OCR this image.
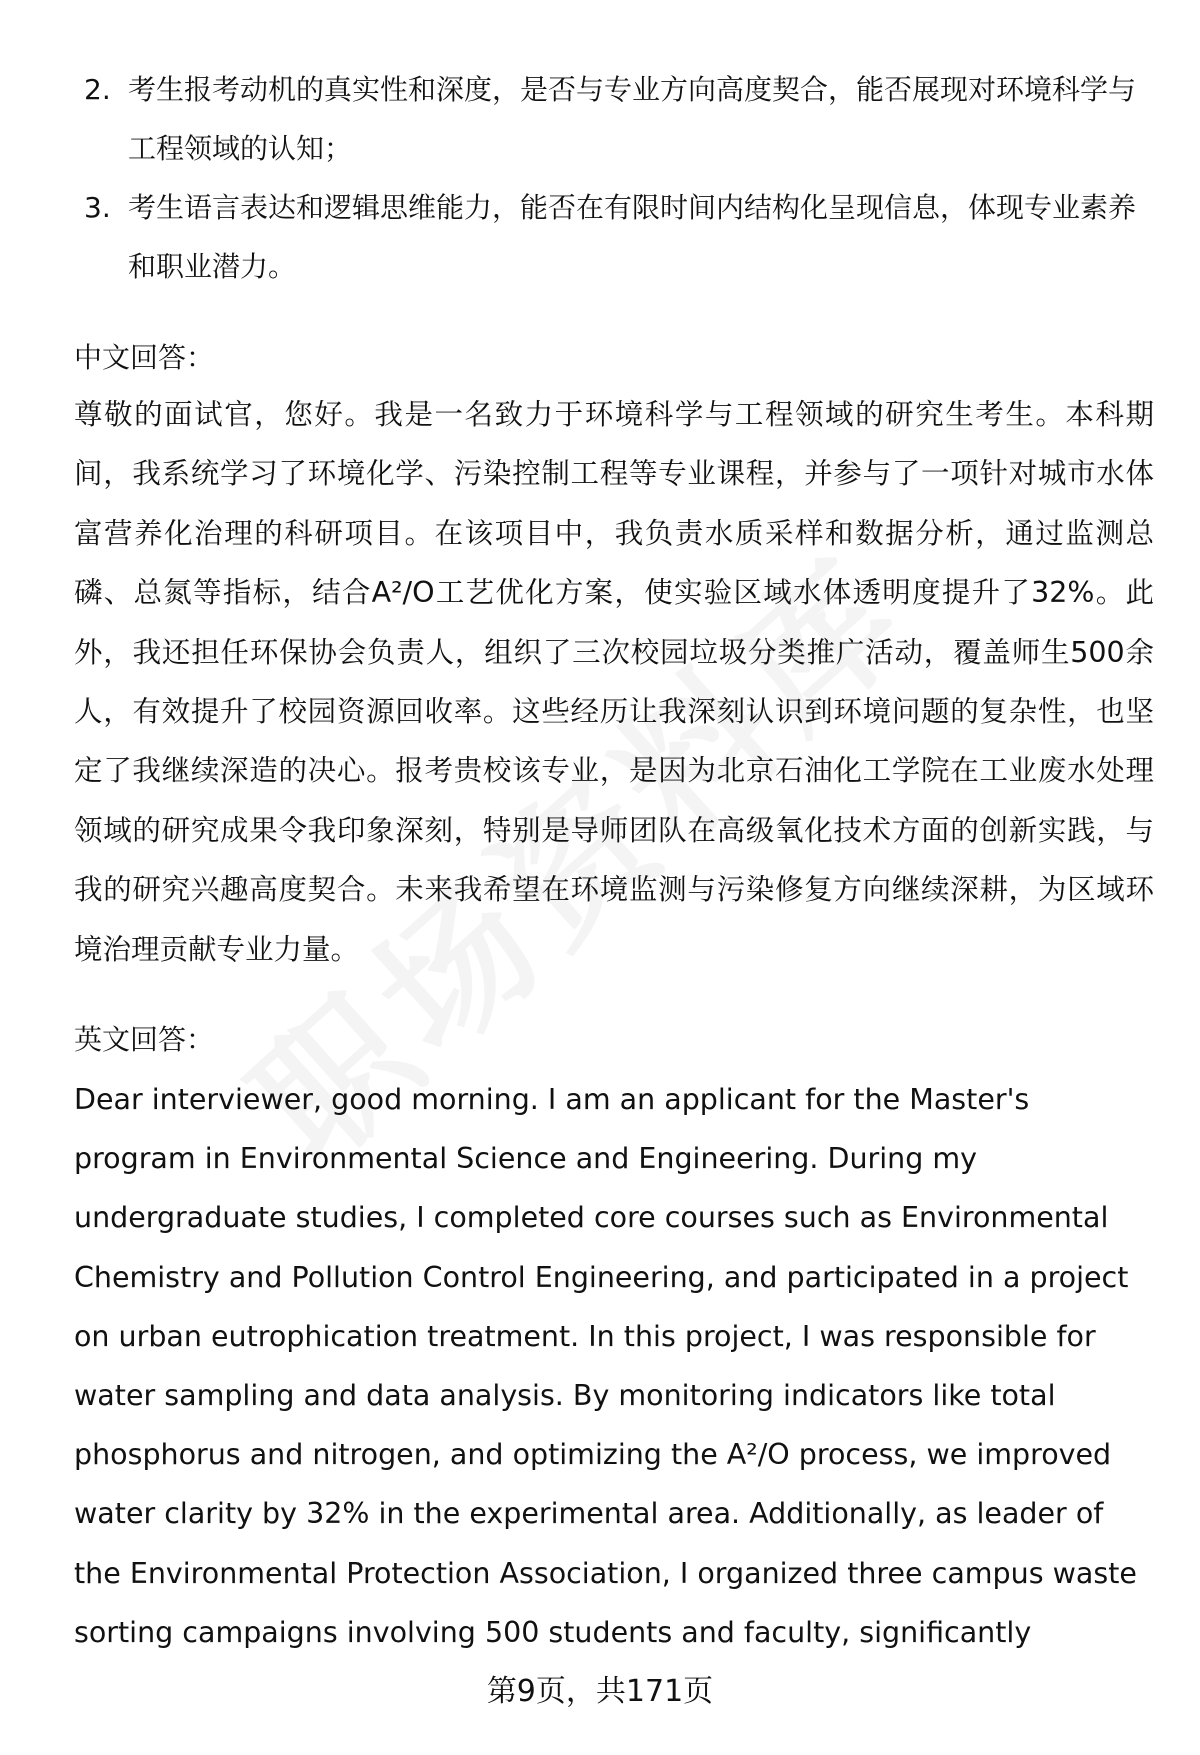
2. 考生报考动机的真实性和深度，是否与专业方向高度契合，能否展现对环境科学与工程领域的认知；
3. 考生语言表达和逻辑思维能力，能否在有限时间内结构化呈现信息，体现专业素养和职业潜力。
中文回答：

尊敬的面试官，您好。我是一名致力于环境科学与工程领域的研究生考生。本科期间，我系统学习了环境化学、污染控制工程等专业课程，并参与了一项针对城市水体富营养化治理的科研项目。在该项目中，我负责水质采样和数据分析，通过监测总磷、总氮等指标，结合A²/O工艺优化方案，使实验区域水体透明度提升了32%。此外，我还担任环保协会负责人，组织了三次校园垃圾分类推广活动，覆盖师生500余人，有效提升了校园资源回收率。这些经历让我深刻认识到环境问题的复杂性，也坚定了我继续深造的决心。报考贵校该专业，是因为北京石油化工学院在工业废水处理领域的研究成果令我印象深刻，特别是导师团队在高级氧化技术方面的创新实践，与我的研究兴趣高度契合。未来我希望在环境监测与污染修复方向继续深耕，为区域环境治理贡献专业力量。

英文回答：

Dear interviewer, good morning. I am an applicant for the Master's program in Environmental Science and Engineering. During my undergraduate studies, I completed core courses such as Environmental Chemistry and Pollution Control Engineering, and participated in a project on urban eutrophication treatment. In this project, I was responsible for water sampling and data analysis. By monitoring indicators like total phosphorus and nitrogen, and optimizing the A²/O process, we improved water clarity by 32% in the experimental area. Additionally, as leader of the Environmental Protection Association, I organized three campus waste sorting campaigns involving 500 students and faculty, significantly

第9页，共171页
